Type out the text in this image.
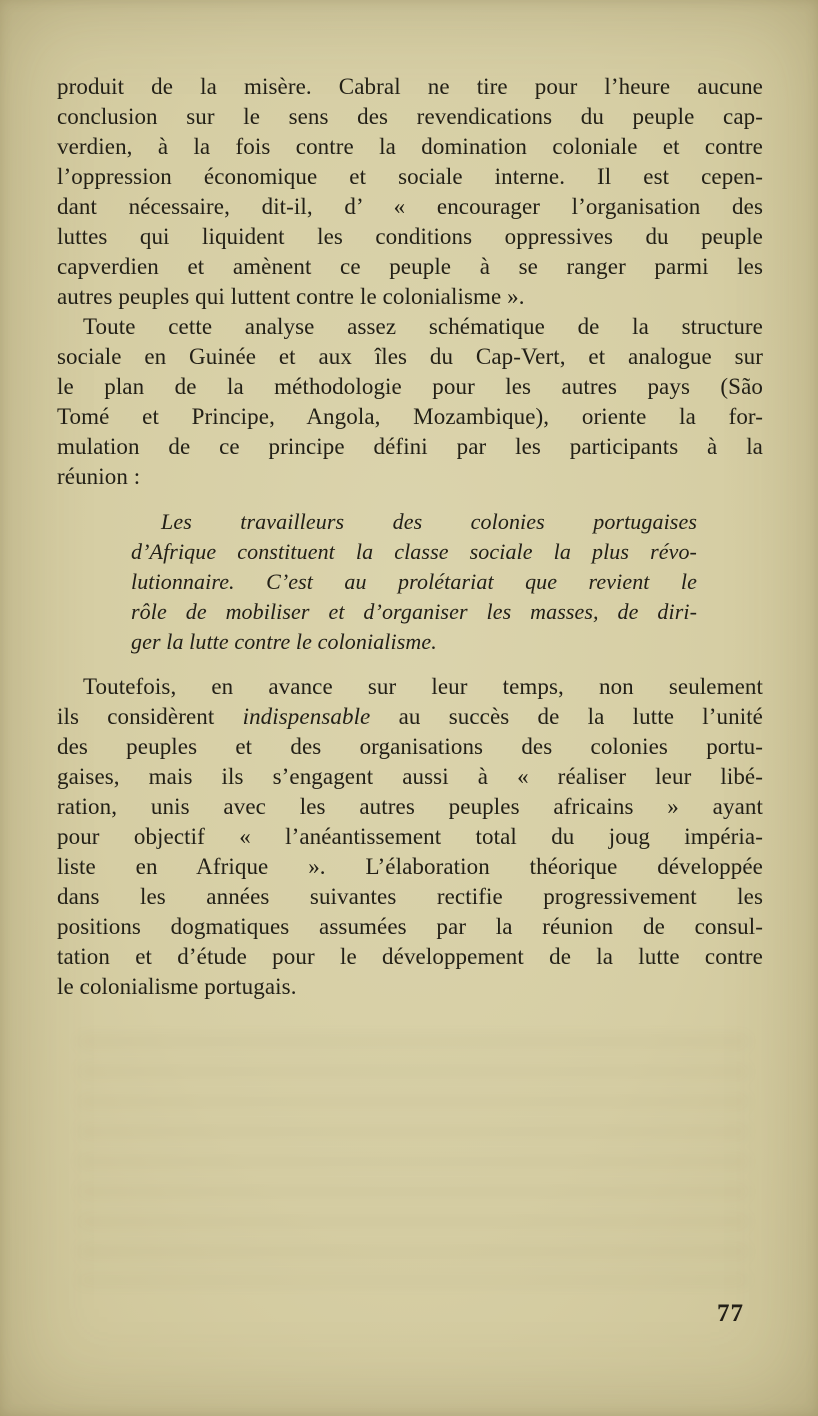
produit de la misère. Cabral ne tire pour l’heure aucune
conclusion sur le sens des revendications du peuple cap-
verdien, à la fois contre la domination coloniale et contre
l’oppression économique et sociale interne. Il est cepen-
dant nécessaire, dit-il, d’ « encourager l’organisation des
luttes qui liquident les conditions oppressives du peuple
capverdien et amènent ce peuple à se ranger parmi les
autres peuples qui luttent contre le colonialisme ».
Toute cette analyse assez schématique de la structure
sociale en Guinée et aux îles du Cap-Vert, et analogue sur
le plan de la méthodologie pour les autres pays (São
Tomé et Principe, Angola, Mozambique), oriente la for-
mulation de ce principe défini par les participants à la
réunion :
Les travailleurs des colonies portugaises
d’Afrique constituent la classe sociale la plus révo-
lutionnaire. C’est au prolétariat que revient le
rôle de mobiliser et d’organiser les masses, de diri-
ger la lutte contre le colonialisme.
Toutefois, en avance sur leur temps, non seulement
ils considèrent indispensable au succès de la lutte l’unité
des peuples et des organisations des colonies portu-
gaises, mais ils s’engagent aussi à « réaliser leur libé-
ration, unis avec les autres peuples africains » ayant
pour objectif « l’anéantissement total du joug impéria-
liste en Afrique ». L’élaboration théorique développée
dans les années suivantes rectifie progressivement les
positions dogmatiques assumées par la réunion de consul-
tation et d’étude pour le développement de la lutte contre
le colonialisme portugais.
77
